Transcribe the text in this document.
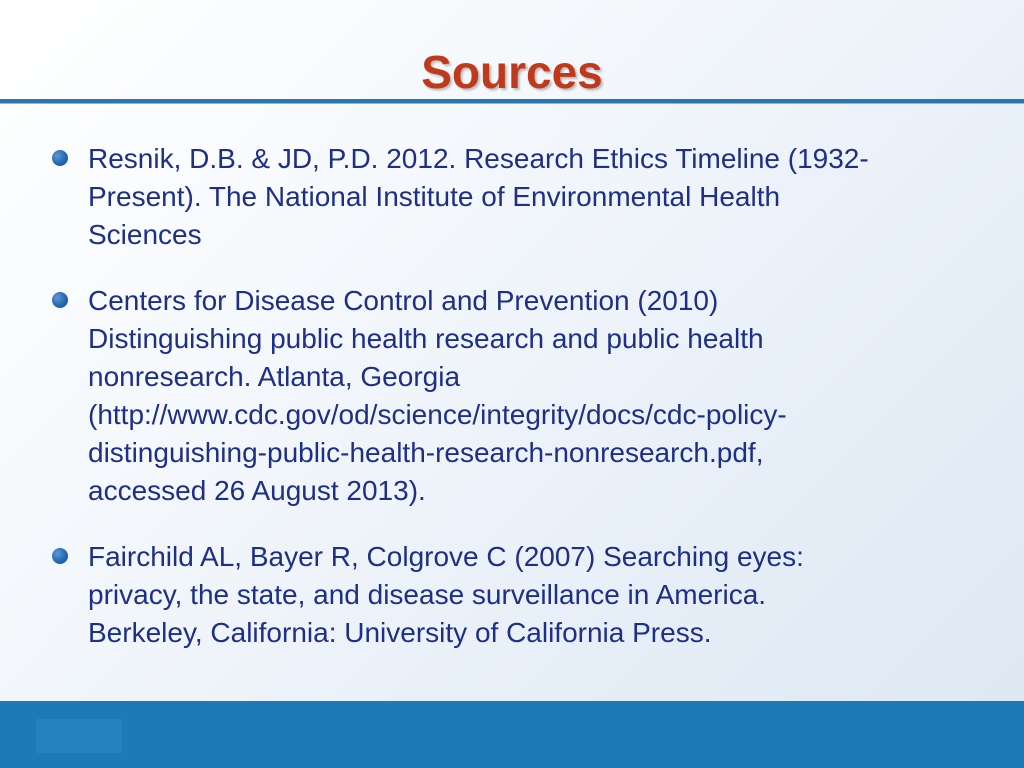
Sources

Resnik, D.B. & JD, P.D. 2012. Research Ethics Timeline (1932-
Present). The National Institute of Environmental Health
Sciences

Centers for Disease Control and Prevention (2010)
Distinguishing public health research and public health
nonresearch. Atlanta, Georgia
(http://www.cdc.gov/od/science/integrity/docs/cdc-policy-
distinguishing-public-health-research-nonresearch.pdf,
accessed 26 August 2013).

Fairchild AL, Bayer R, Colgrove C (2007) Searching eyes:
privacy, the state, and disease surveillance in America.
Berkeley, California: University of California Press.
